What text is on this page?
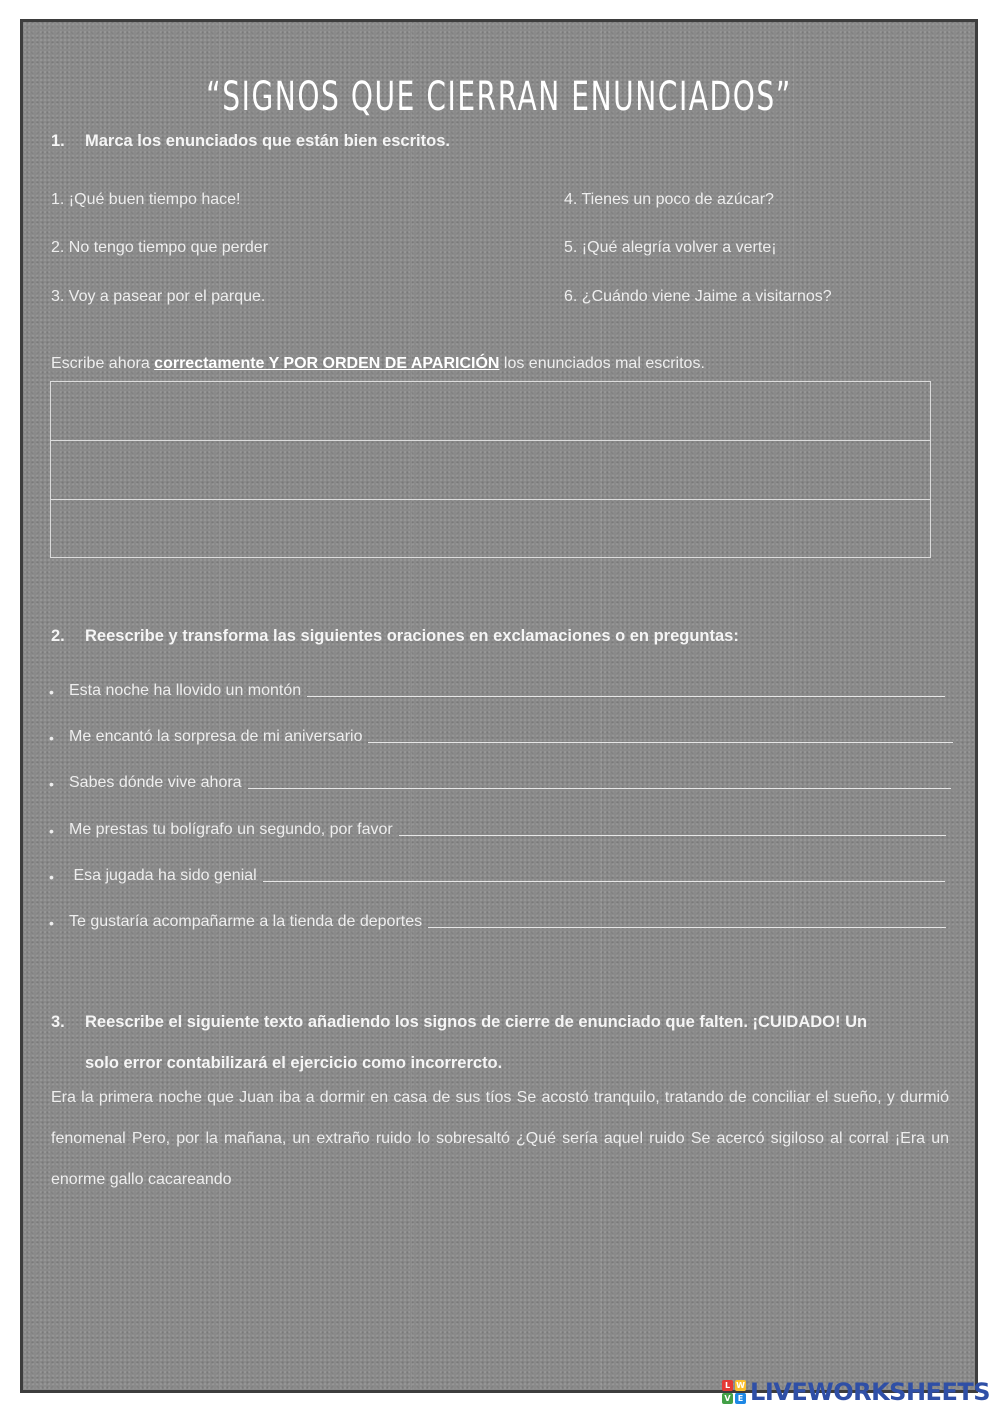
“SIGNOS QUE CIERRAN ENUNCIADOS”
1. Marca los enunciados que están bien escritos.
1. ¡Qué buen tiempo hace!
2. No tengo tiempo que perder
3. Voy a pasear por el parque.
4. Tienes un poco de azúcar?
5. ¡Qué alegría volver a verte¡
6. ¿Cuándo viene Jaime a visitarnos?
Escribe ahora correctamente Y POR ORDEN DE APARICIÓN los enunciados mal escritos.
2. Reescribe y transforma las siguientes oraciones en exclamaciones o en preguntas:
• Esta noche ha llovido un montón
• Me encantó la sorpresa de mi aniversario
• Sabes dónde vive ahora
• Me prestas tu bolígrafo un segundo, por favor
• Esa jugada ha sido genial
• Te gustaría acompañarme a la tienda de deportes
3.	Reescribe el siguiente texto añadiendo los signos de cierre de enunciado que falten. ¡CUIDADO! Un
solo error contabilizará el ejercicio como incorrercto.
Era la primera noche que Juan iba a dormir en casa de sus tíos Se acostó tranquilo, tratando de conciliar el sueño, y durmió fenomenal Pero, por la mañana, un extraño ruido lo sobresaltó ¿Qué sería aquel ruido Se acercó sigiloso al corral ¡Era un enorme gallo cacareando
L W
V E LIVEWORKSHEETS
